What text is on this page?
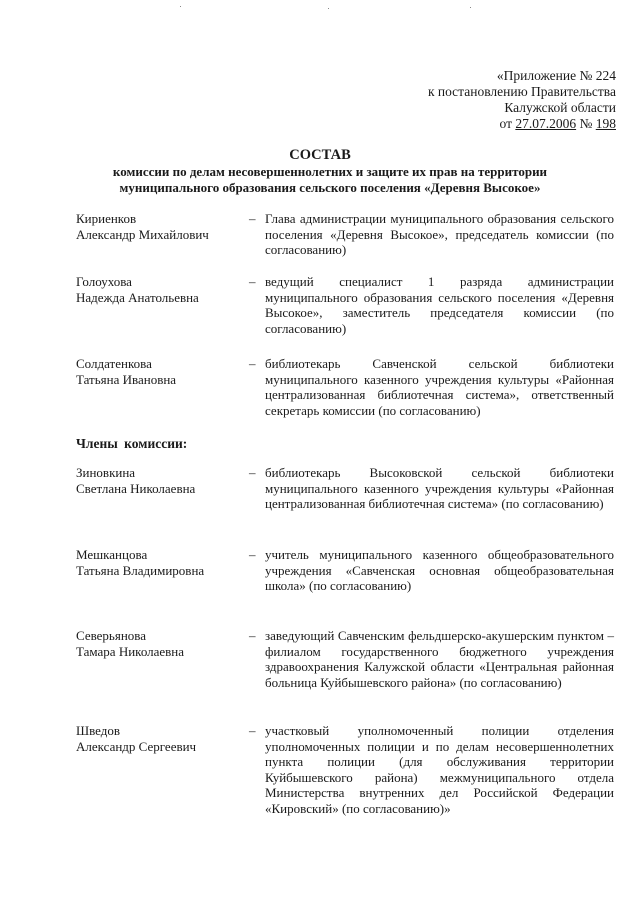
«Приложение № 224
к постановлению Правительства
Калужской области
от 27.07.2006 № 198
СОСТАВ
комиссии по делам несовершеннолетних и защите их прав на территории
муниципального образования сельского поселения «Деревня Высокое»
Кириенков
Александр Михайлович
– Глава администрации муниципального образования сельского поселения «Деревня Высокое», председатель комиссии (по согласованию)
Голоухова
Надежда Анатольевна
– ведущий специалист 1 разряда администрации муниципального образования сельского поселения «Деревня Высокое», заместитель председателя комиссии (по согласованию)
Солдатенкова
Татьяна Ивановна
– библиотекарь Савченской сельской библиотеки муниципального казенного учреждения культуры «Районная централизованная библиотечная система», ответственный секретарь комиссии (по согласованию)
Члены комиссии:
Зиновкина
Светлана Николаевна
– библиотекарь Высоковской сельской библиотеки муниципального казенного учреждения культуры «Районная централизованная библиотечная система» (по согласованию)
Мешканцова
Татьяна Владимировна
– учитель муниципального казенного общеобразовательного учреждения «Савченская основная общеобразовательная школа» (по согласованию)
Северьянова
Тамара Николаевна
– заведующий Савченским фельдшерско-акушерским пунктом – филиалом государственного бюджетного учреждения здравоохранения Калужской области «Центральная районная больница Куйбышевского района» (по согласованию)
Шведов
Александр Сергеевич
– участковый уполномоченный полиции отделения уполномоченных полиции и по делам несовершеннолетних пункта полиции (для обслуживания территории Куйбышевского района) межмуниципального отдела Министерства внутренних дел Российской Федерации «Кировский» (по согласованию)»
